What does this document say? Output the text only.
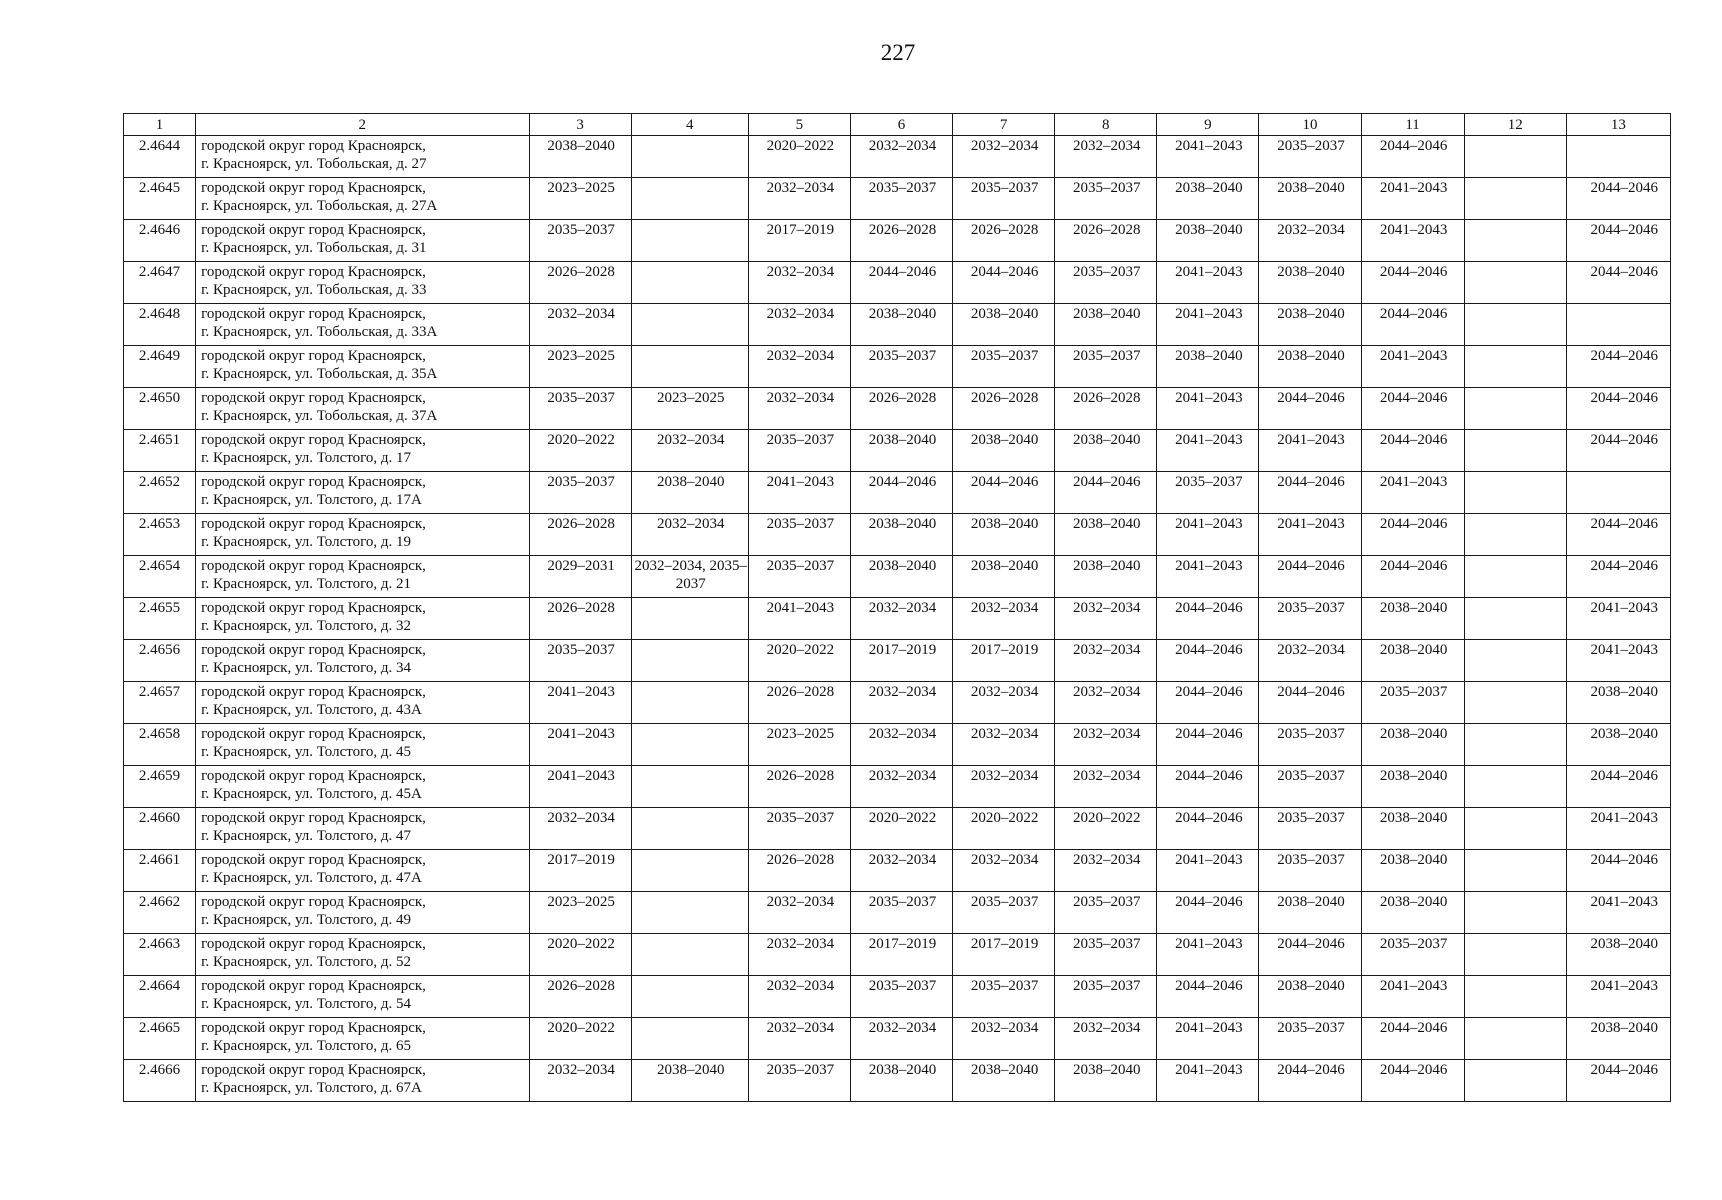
227
1	2	3	4	5	6	7	8	9	10	11	12	13
2.4644	городской округ город Красноярск,
г. Красноярск, ул. Тобольская, д. 27	2038–2040		2020–2022	2032–2034	2032–2034	2032–2034	2041–2043	2035–2037	2044–2046		
2.4645	городской округ город Красноярск,
г. Красноярск, ул. Тобольская, д. 27А	2023–2025		2032–2034	2035–2037	2035–2037	2035–2037	2038–2040	2038–2040	2041–2043		2044–2046
2.4646	городской округ город Красноярск,
г. Красноярск, ул. Тобольская, д. 31	2035–2037		2017–2019	2026–2028	2026–2028	2026–2028	2038–2040	2032–2034	2041–2043		2044–2046
2.4647	городской округ город Красноярск,
г. Красноярск, ул. Тобольская, д. 33	2026–2028		2032–2034	2044–2046	2044–2046	2035–2037	2041–2043	2038–2040	2044–2046		2044–2046
2.4648	городской округ город Красноярск,
г. Красноярск, ул. Тобольская, д. 33А	2032–2034		2032–2034	2038–2040	2038–2040	2038–2040	2041–2043	2038–2040	2044–2046		
2.4649	городской округ город Красноярск,
г. Красноярск, ул. Тобольская, д. 35А	2023–2025		2032–2034	2035–2037	2035–2037	2035–2037	2038–2040	2038–2040	2041–2043		2044–2046
2.4650	городской округ город Красноярск,
г. Красноярск, ул. Тобольская, д. 37А	2035–2037	2023–2025	2032–2034	2026–2028	2026–2028	2026–2028	2041–2043	2044–2046	2044–2046		2044–2046
2.4651	городской округ город Красноярск,
г. Красноярск, ул. Толстого, д. 17	2020–2022	2032–2034	2035–2037	2038–2040	2038–2040	2038–2040	2041–2043	2041–2043	2044–2046		2044–2046
2.4652	городской округ город Красноярск,
г. Красноярск, ул. Толстого, д. 17А	2035–2037	2038–2040	2041–2043	2044–2046	2044–2046	2044–2046	2035–2037	2044–2046	2041–2043		
2.4653	городской округ город Красноярск,
г. Красноярск, ул. Толстого, д. 19	2026–2028	2032–2034	2035–2037	2038–2040	2038–2040	2038–2040	2041–2043	2041–2043	2044–2046		2044–2046
2.4654	городской округ город Красноярск,
г. Красноярск, ул. Толстого, д. 21	2029–2031	2032–2034, 2035–2037	2035–2037	2038–2040	2038–2040	2038–2040	2041–2043	2044–2046	2044–2046		2044–2046
2.4655	городской округ город Красноярск,
г. Красноярск, ул. Толстого, д. 32	2026–2028		2041–2043	2032–2034	2032–2034	2032–2034	2044–2046	2035–2037	2038–2040		2041–2043
2.4656	городской округ город Красноярск,
г. Красноярск, ул. Толстого, д. 34	2035–2037		2020–2022	2017–2019	2017–2019	2032–2034	2044–2046	2032–2034	2038–2040		2041–2043
2.4657	городской округ город Красноярск,
г. Красноярск, ул. Толстого, д. 43А	2041–2043		2026–2028	2032–2034	2032–2034	2032–2034	2044–2046	2044–2046	2035–2037		2038–2040
2.4658	городской округ город Красноярск,
г. Красноярск, ул. Толстого, д. 45	2041–2043		2023–2025	2032–2034	2032–2034	2032–2034	2044–2046	2035–2037	2038–2040		2038–2040
2.4659	городской округ город Красноярск,
г. Красноярск, ул. Толстого, д. 45А	2041–2043		2026–2028	2032–2034	2032–2034	2032–2034	2044–2046	2035–2037	2038–2040		2044–2046
2.4660	городской округ город Красноярск,
г. Красноярск, ул. Толстого, д. 47	2032–2034		2035–2037	2020–2022	2020–2022	2020–2022	2044–2046	2035–2037	2038–2040		2041–2043
2.4661	городской округ город Красноярск,
г. Красноярск, ул. Толстого, д. 47А	2017–2019		2026–2028	2032–2034	2032–2034	2032–2034	2041–2043	2035–2037	2038–2040		2044–2046
2.4662	городской округ город Красноярск,
г. Красноярск, ул. Толстого, д. 49	2023–2025		2032–2034	2035–2037	2035–2037	2035–2037	2044–2046	2038–2040	2038–2040		2041–2043
2.4663	городской округ город Красноярск,
г. Красноярск, ул. Толстого, д. 52	2020–2022		2032–2034	2017–2019	2017–2019	2035–2037	2041–2043	2044–2046	2035–2037		2038–2040
2.4664	городской округ город Красноярск,
г. Красноярск, ул. Толстого, д. 54	2026–2028		2032–2034	2035–2037	2035–2037	2035–2037	2044–2046	2038–2040	2041–2043		2041–2043
2.4665	городской округ город Красноярск,
г. Красноярск, ул. Толстого, д. 65	2020–2022		2032–2034	2032–2034	2032–2034	2032–2034	2041–2043	2035–2037	2044–2046		2038–2040
2.4666	городской округ город Красноярск,
г. Красноярск, ул. Толстого, д. 67А	2032–2034	2038–2040	2035–2037	2038–2040	2038–2040	2038–2040	2041–2043	2044–2046	2044–2046		2044–2046
